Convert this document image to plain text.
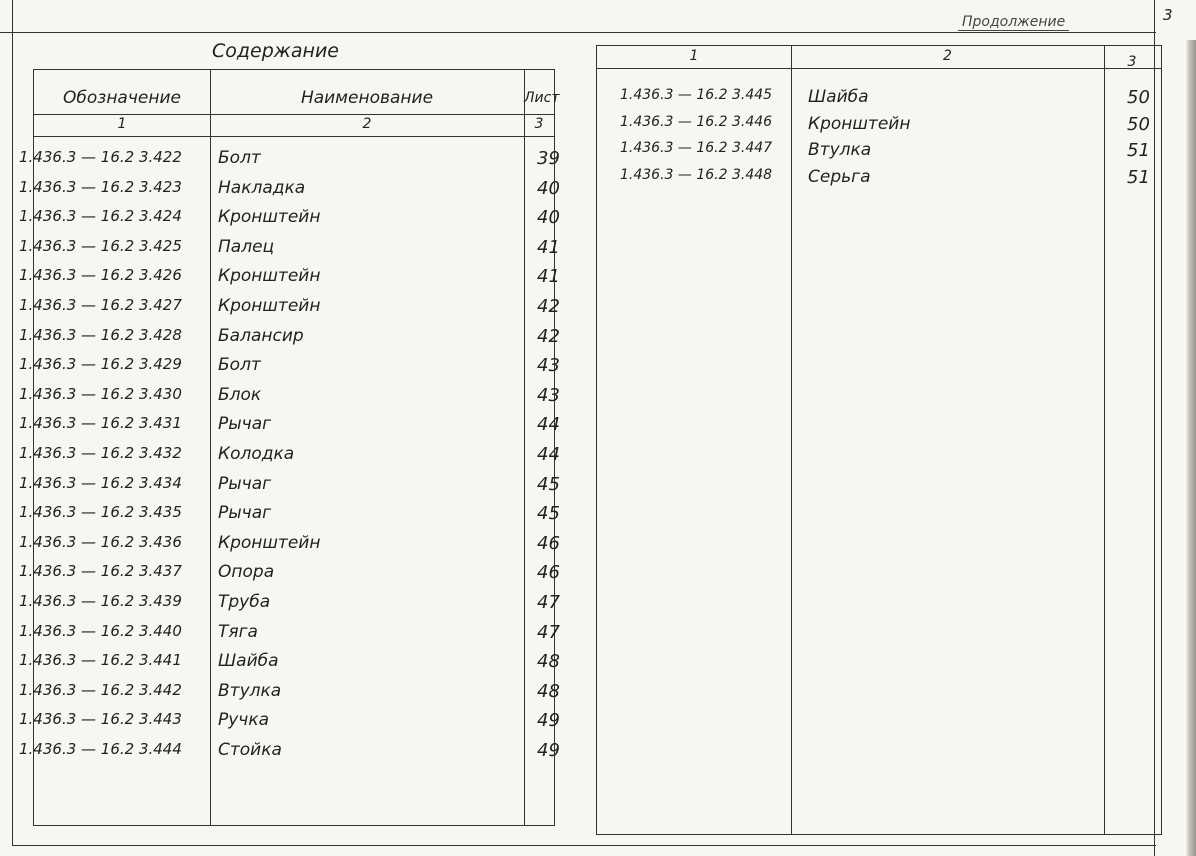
3
Продолжение
Содержание
Обозначение	Наименование	Лист
1	2	3
1.436.3 — 16.2 3.422 Болт	39
1.436.3 — 16.2 3.423 Накладка	40
1.436.3 — 16.2 3.424 Кронштейн	40
1.436.3 — 16.2 3.425 Палец	41
1.436.3 — 16.2 3.426 Кронштейн	41
1.436.3 — 16.2 3.427 Кронштейн	42
1.436.3 — 16.2 3.428 Балансир	42
1.436.3 — 16.2 3.429 Болт	43
1.436.3 — 16.2 3.430 Блок	43
1.436.3 — 16.2 3.431 Рычаг	44
1.436.3 — 16.2 3.432 Колодка	44
1.436.3 — 16.2 3.434 Рычаг	45
1.436.3 — 16.2 3.435 Рычаг	45
1.436.3 — 16.2 3.436 Кронштейн	46
1.436.3 — 16.2 3.437 Опора	46
1.436.3 — 16.2 3.439 Труба	47
1.436.3 — 16.2 3.440 Тяга	47
1.436.3 — 16.2 3.441 Шайба	48
1.436.3 — 16.2 3.442 Втулка	48
1.436.3 — 16.2 3.443 Ручка	49
1.436.3 — 16.2 3.444 Стойка	49
1	2	3
1.436.3 — 16.2 3.445 Шайба	50
1.436.3 — 16.2 3.446 Кронштейн	50
1.436.3 — 16.2 3.447 Втулка	51
1.436.3 — 16.2 3.448 Серьга	51
